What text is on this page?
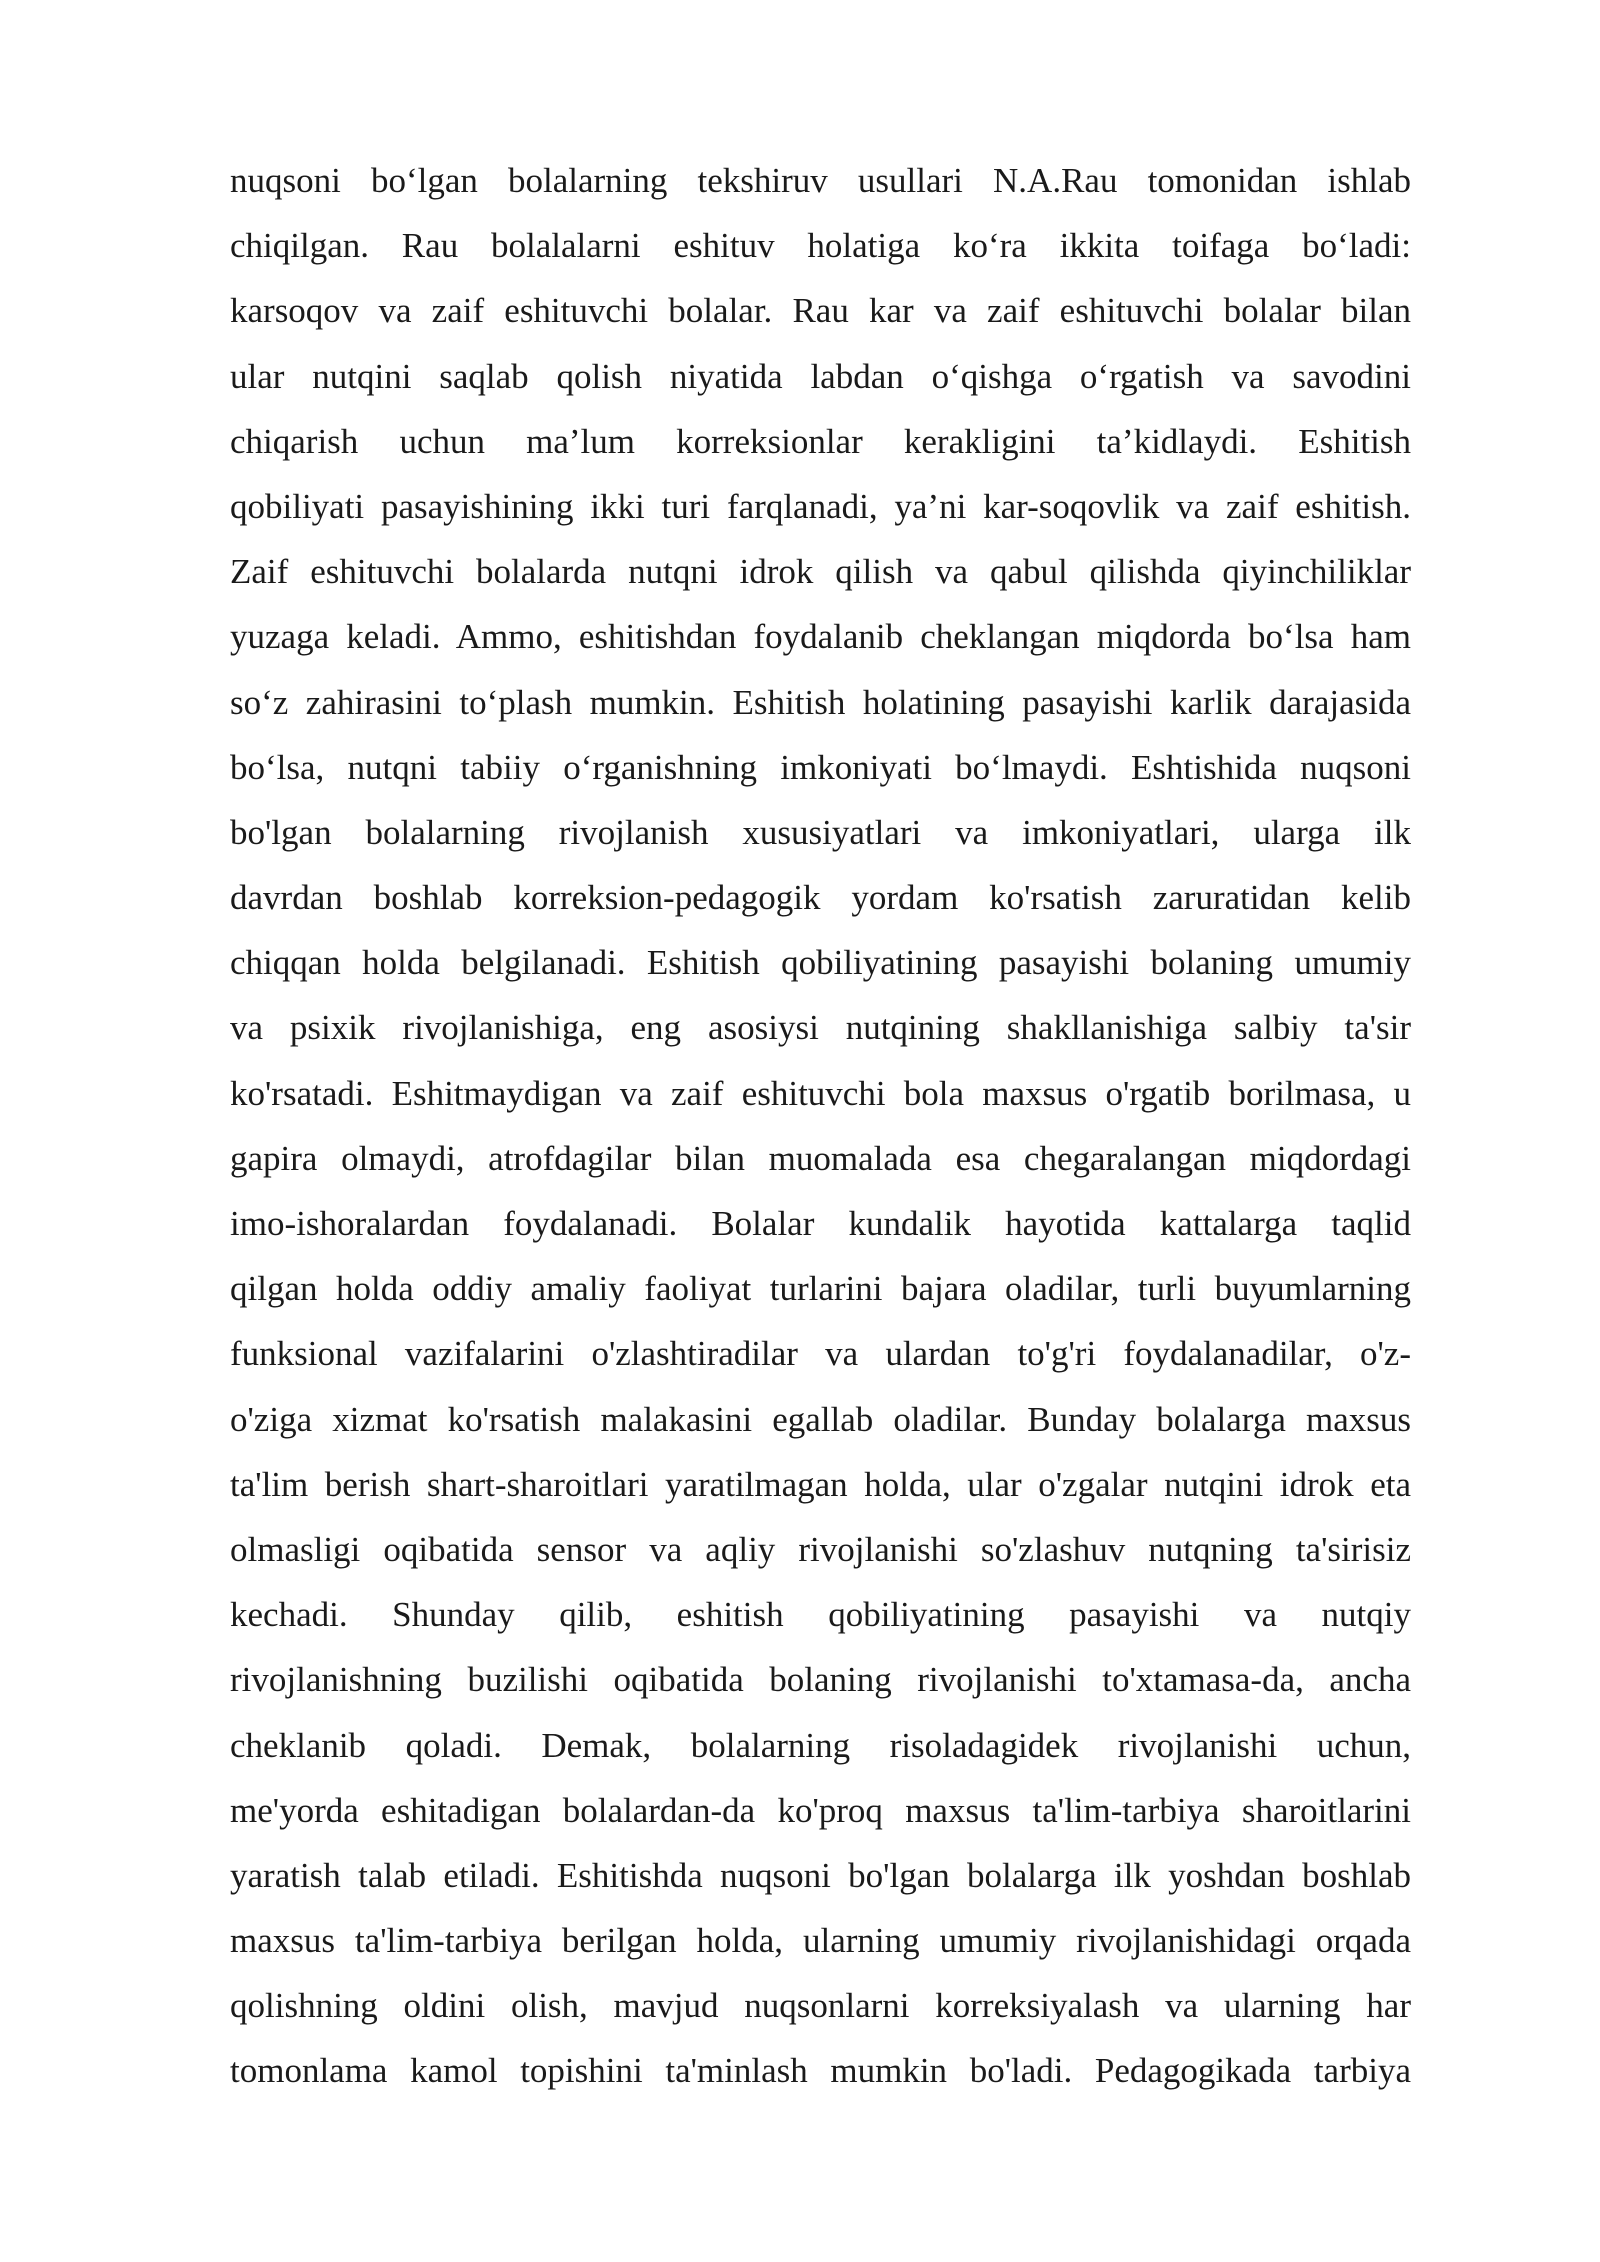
nuqsoni boʻlgan bolalarning tekshiruv usullari N.A.Rau tomonidan ishlab
chiqilgan. Rau bolalalarni eshituv holatiga koʻra ikkita toifaga boʻladi:
karsoqov va zaif eshituvchi bolalar. Rau kar va zaif eshituvchi bolalar bilan
ular nutqini saqlab qolish niyatida labdan oʻqishga oʻrgatish va savodini
chiqarish uchun ma’lum korreksionlar kerakligini ta’kidlaydi. Eshitish
qobiliyati pasayishining ikki turi farqlanadi, ya’ni kar-soqovlik va zaif eshitish.
Zaif eshituvchi bolalarda nutqni idrok qilish va qabul qilishda qiyinchiliklar
yuzaga keladi. Ammo, eshitishdan foydalanib cheklangan miqdorda boʻlsa ham
soʻz zahirasini toʻplash mumkin. Eshitish holatining pasayishi karlik darajasida
boʻlsa, nutqni tabiiy oʻrganishning imkoniyati boʻlmaydi. Eshtishida nuqsoni
bo'lgan bolalarning rivojlanish xususiyatlari va imkoniyatlari, ularga ilk
davrdan boshlab korreksion-pedagogik yordam ko'rsatish zaruratidan kelib
chiqqan holda belgilanadi. Eshitish qobiliyatining pasayishi bolaning umumiy
va psixik rivojlanishiga, eng asosiysi nutqining shakllanishiga salbiy ta'sir
ko'rsatadi. Eshitmaydigan va zaif eshituvchi bola maxsus o'rgatib borilmasa, u
gapira olmaydi, atrofdagilar bilan muomalada esa chegaralangan miqdordagi
imo-ishoralardan foydalanadi. Bolalar kundalik hayotida kattalarga taqlid
qilgan holda oddiy amaliy faoliyat turlarini bajara oladilar, turli buyumlarning
funksional vazifalarini o'zlashtiradilar va ulardan to'g'ri foydalanadilar, o'z-
o'ziga xizmat ko'rsatish malakasini egallab oladilar. Bunday bolalarga maxsus
ta'lim berish shart-sharoitlari yaratilmagan holda, ular o'zgalar nutqini idrok eta
olmasligi oqibatida sensor va aqliy rivojlanishi so'zlashuv nutqning ta'sirisiz
kechadi. Shunday qilib, eshitish qobiliyatining pasayishi va nutqiy
rivojlanishning buzilishi oqibatida bolaning rivojlanishi to'xtamasa-da, ancha
cheklanib qoladi. Demak, bolalarning risoladagidek rivojlanishi uchun,
me'yorda eshitadigan bolalardan-da ko'proq maxsus ta'lim-tarbiya sharoitlarini
yaratish talab etiladi. Eshitishda nuqsoni bo'lgan bolalarga ilk yoshdan boshlab
maxsus ta'lim-tarbiya berilgan holda, ularning umumiy rivojlanishidagi orqada
qolishning oldini olish, mavjud nuqsonlarni korreksiyalash va ularning har
tomonlama kamol topishini ta'minlash mumkin bo'ladi. Pedagogikada tarbiya
